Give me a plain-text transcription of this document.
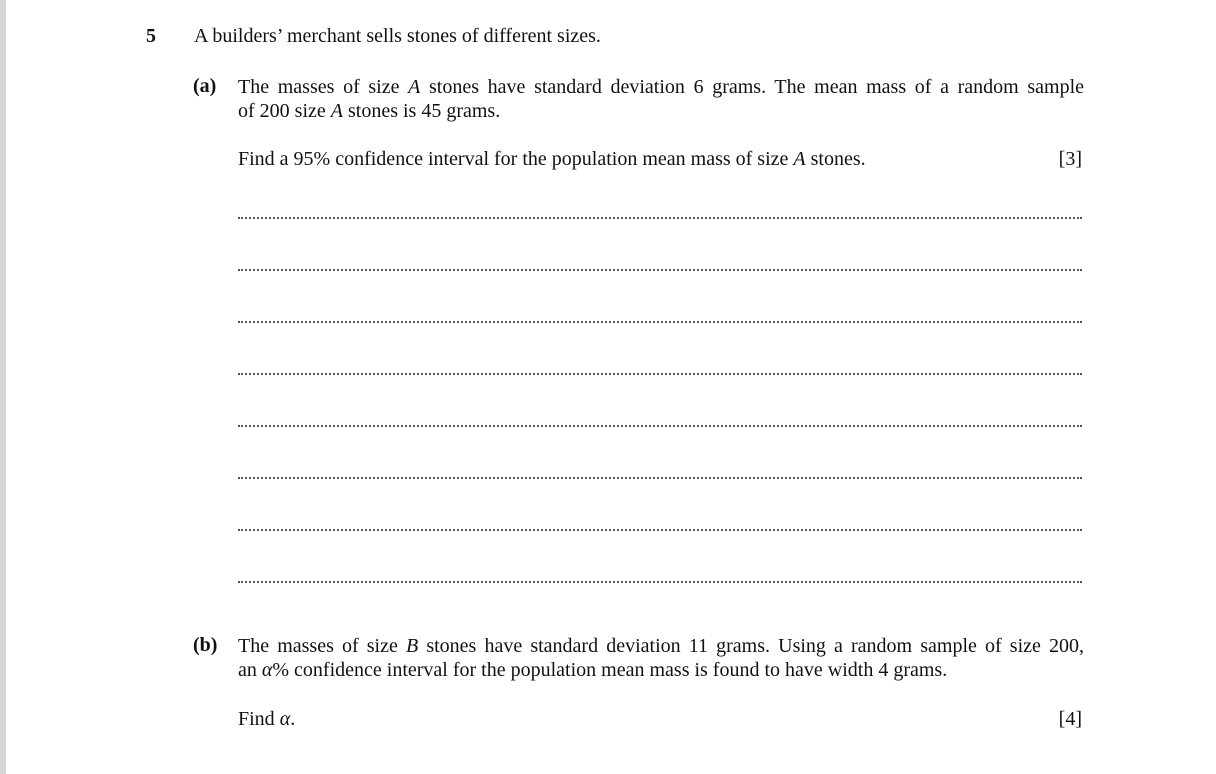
5 A builders’ merchant sells stones of different sizes.
(a) The masses of size A stones have standard deviation 6 grams. The mean mass of a random sample
of 200 size A stones is 45 grams.
Find a 95% confidence interval for the population mean mass of size A stones.	[3]
(b) The masses of size B stones have standard deviation 11 grams. Using a random sample of size 200,
an α% confidence interval for the population mean mass is found to have width 4 grams.
Find α.	[4]
